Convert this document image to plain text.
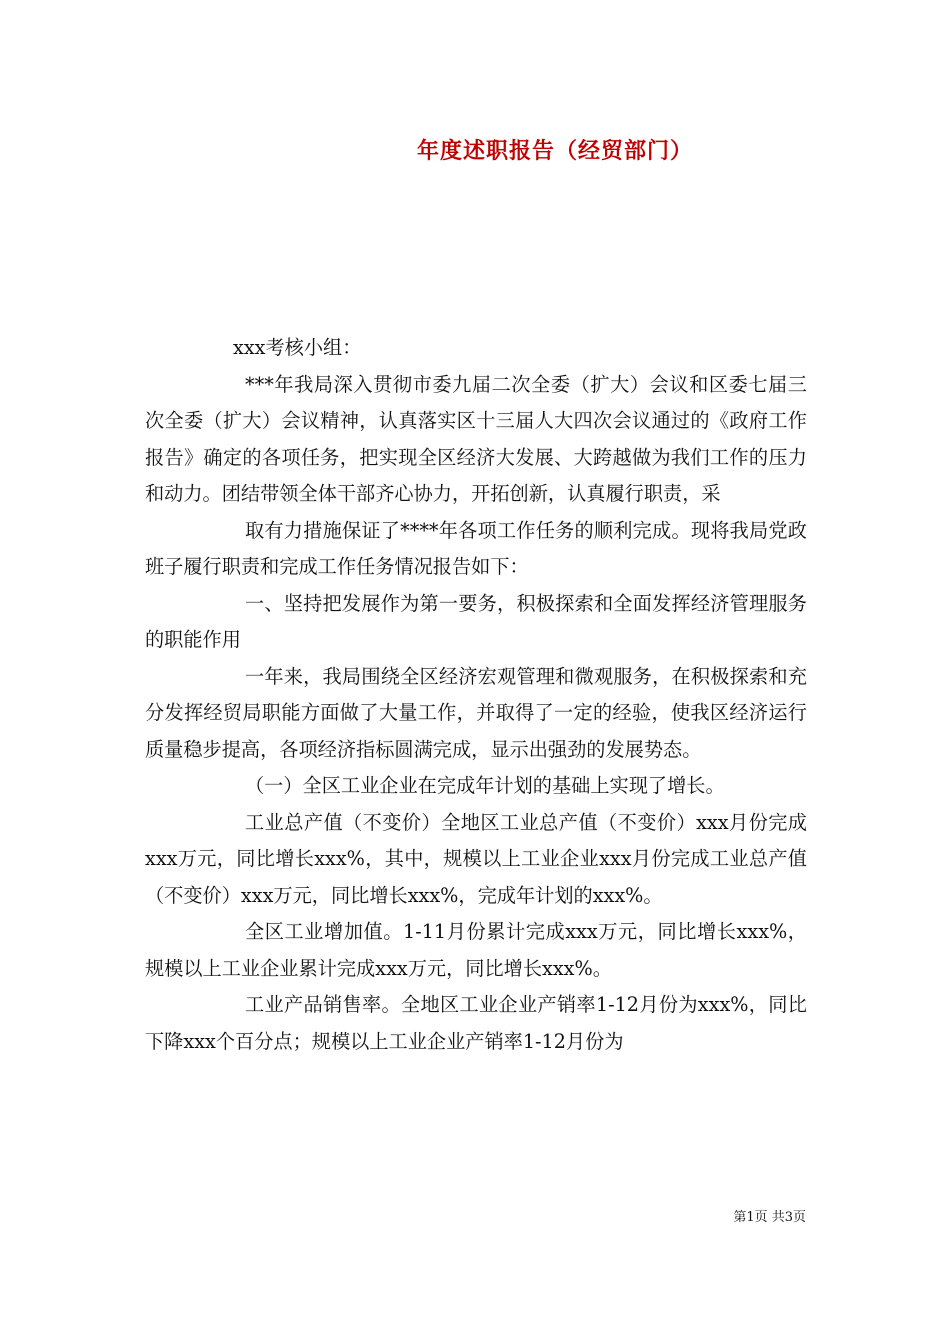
年度述职报告（经贸部门）

xxx考核小组：

***年我局深入贯彻市委九届二次全委（扩大）会议和区委七届三次全委（扩大）会议精神，认真落实区十三届人大四次会议通过的《政府工作报告》确定的各项任务，把实现全区经济大发展、大跨越做为我们工作的压力和动力。团结带领全体干部齐心协力，开拓创新，认真履行职责，采

取有力措施保证了****年各项工作任务的顺利完成。现将我局党政班子履行职责和完成工作任务情况报告如下：

一、坚持把发展作为第一要务，积极探索和全面发挥经济管理服务的职能作用

一年来，我局围绕全区经济宏观管理和微观服务，在积极探索和充分发挥经贸局职能方面做了大量工作，并取得了一定的经验，使我区经济运行质量稳步提高，各项经济指标圆满完成，显示出强劲的发展势态。

（一）全区工业企业在完成年计划的基础上实现了增长。

工业总产值（不变价）全地区工业总产值（不变价）xxx月份完成xxx万元，同比增长xxx%，其中，规模以上工业企业xxx月份完成工业总产值（不变价）xxx万元，同比增长xxx%，完成年计划的xxx%。

全区工业增加值。1-11月份累计完成xxx万元，同比增长xxx%，规模以上工业企业累计完成xxx万元，同比增长xxx%。

工业产品销售率。全地区工业企业产销率1-12月份为xxx%，同比下降xxx个百分点；规模以上工业企业产销率1-12月份为

第1页 共3页
